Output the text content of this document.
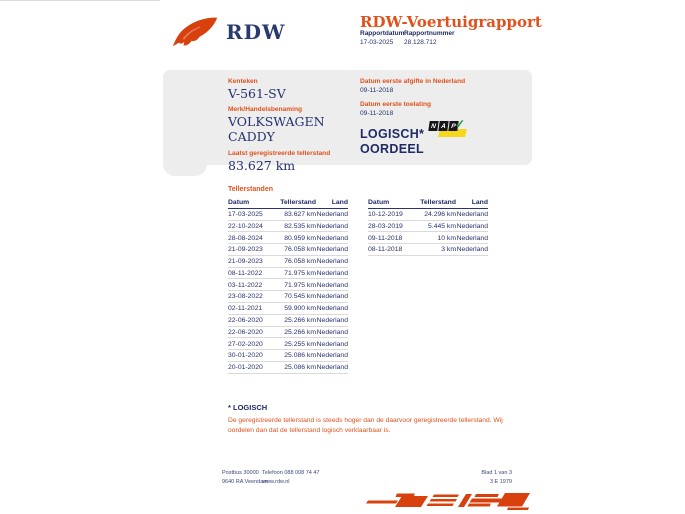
RDW	RDW-Voertuigrapport
Rapportdatum
17-03-2025
Rapportnummer
28.128.712
Kenteken
V-561-SV
Merk/Handelsbenaming
VOLKSWAGEN
CADDY
Laatst geregistreerde tellerstand
83.627 km
Datum eerste afgifte in Nederland
09-11-2018
Datum eerste toelating
09-11-2018
LOGISCH*
OORDEEL
N A P
✓
Tellerstanden
Datum	Tellerstand	Land
17-03-2025	83.627 km Nederland
22-10-2024	82.535 km Nederland
28-08-2024	80.959 km Nederland
21-09-2023	76.058 km Nederland
21-09-2023	76.058 km Nederland
08-11-2022	71.975 km Nederland
03-11-2022	71.975 km Nederland
23-08-2022	70.545 km Nederland
02-11-2021	59.900 km Nederland
22-06-2020	25.266 km Nederland
22-06-2020	25.266 km Nederland
27-02-2020	25.255 km Nederland
30-01-2020	25.086 km Nederland
20-01-2020	25.086 km Nederland
Datum	Tellerstand	Land
10-12-2019	24.296 km Nederland
28-03-2019	5.445 km Nederland
09-11-2018	10 km Nederland
08-11-2018	3 km Nederland
* LOGISCH
De geregistreerde tellerstand is steeds hoger dan de daarvoor geregistreerde tellerstand. Wij oordelen dan dat de tellerstand logisch verklaarbaar is.
Postbus 30000
9640 RA Veendam
Telefoon 088 008 74 47
www.rdw.nl
Blad 1 van 3
3 E 1979
